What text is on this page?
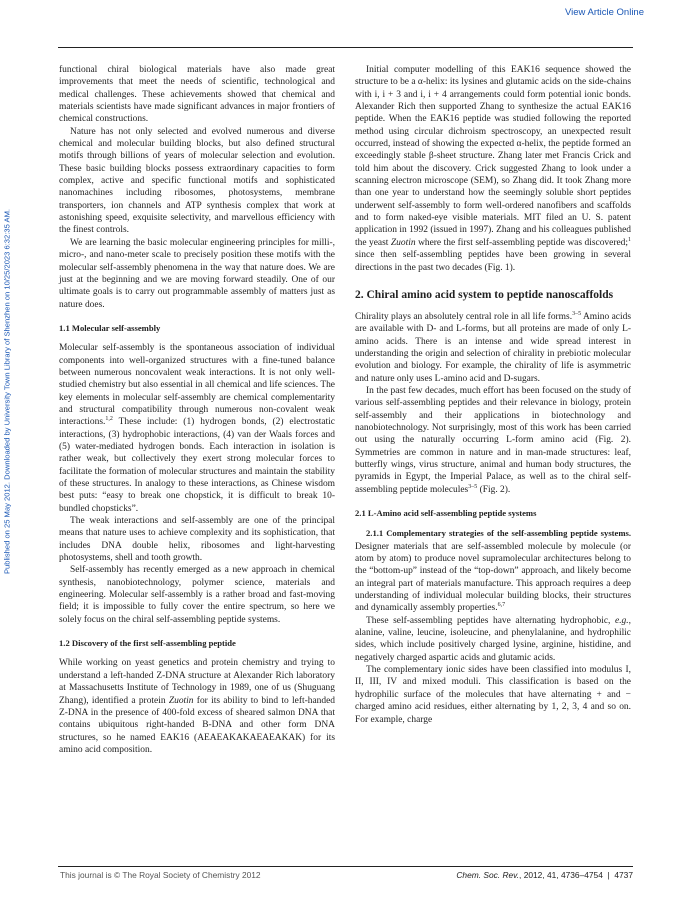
View Article Online
Published on 25 May 2012. Downloaded by University Town Library of Shenzhen on 10/25/2023 6:32:35 AM.

functional chiral biological materials have also made great improvements that meet the needs of scientific, technological and medical challenges. These achievements showed that chemical and materials scientists have made significant advances in major frontiers of chemical constructions.

Nature has not only selected and evolved numerous and diverse chemical and molecular building blocks, but also defined structural motifs through billions of years of molecular selection and evolution. These basic building blocks possess extraordinary capacities to form complex, active and specific functional motifs and sophisticated nanomachines including ribosomes, photosystems, membrane transporters, ion channels and ATP synthesis complex that work at astonishing speed, exquisite selectivity, and marvellous efficiency with the finest controls.

We are learning the basic molecular engineering principles for milli-, micro-, and nano-meter scale to precisely position these motifs with the molecular self-assembly phenomena in the way that nature does. We are just at the beginning and we are moving forward steadily. One of our ultimate goals is to carry out programmable assembly of matters just as nature does.

1.1 Molecular self-assembly

Molecular self-assembly is the spontaneous association of individual components into well-organized structures with a fine-tuned balance between numerous noncovalent weak interactions. It is not only well-studied chemistry but also essential in all chemical and life sciences. The key elements in molecular self-assembly are chemical complementarity and structural compatibility through numerous non-covalent weak interactions.$^{1,2}$ These include: (1) hydrogen bonds, (2) electrostatic interactions, (3) hydrophobic interactions, (4) van der Waals forces and (5) water-mediated hydrogen bonds. Each interaction in isolation is rather weak, but collectively they exert strong molecular forces to facilitate the formation of molecular structures and maintain the stability of these structures. In analogy to these interactions, as Chinese wisdom best puts: “easy to break one chopstick, it is difficult to break 10-bundled chopsticks”.

The weak interactions and self-assembly are one of the principal means that nature uses to achieve complexity and its sophistication, that includes DNA double helix, ribosomes and light-harvesting photosystems, shell and tooth growth.

Self-assembly has recently emerged as a new approach in chemical synthesis, nanobiotechnology, polymer science, materials and engineering. Molecular self-assembly is a rather broad and fast-moving field; it is impossible to fully cover the entire spectrum, so here we solely focus on the chiral self-assembling peptide systems.

1.2 Discovery of the first self-assembling peptide

While working on yeast genetics and protein chemistry and trying to understand a left-handed Z-DNA structure at Alexander Rich laboratory at Massachusetts Institute of Technology in 1989, one of us (Shuguang Zhang), identified a protein Zuotin for its ability to bind to left-handed Z-DNA in the presence of 400-fold excess of sheared salmon DNA that contains ubiquitous right-handed B-DNA and other form DNA structures, so he named EAK16 (AEAEAKAKAEAEAKAK) for its amino acid composition.

Initial computer modelling of this EAK16 sequence showed the structure to be a α-helix: its lysines and glutamic acids on the side-chains with i, i + 3 and i, i + 4 arrangements could form potential ionic bonds. Alexander Rich then supported Zhang to synthesize the actual EAK16 peptide. When the EAK16 peptide was studied following the reported method using circular dichroism spectroscopy, an unexpected result occurred, instead of showing the expected α-helix, the peptide formed an exceedingly stable β-sheet structure. Zhang later met Francis Crick and told him about the discovery. Crick suggested Zhang to look under a scanning electron microscope (SEM), so Zhang did. It took Zhang more than one year to understand how the seemingly soluble short peptides underwent self-assembly to form well-ordered nanofibers and scaffolds and to form naked-eye visible materials. MIT filed an U. S. patent application in 1992 (issued in 1997). Zhang and his colleagues published the yeast Zuotin where the first self-assembling peptide was discovered;$^1$ since then self-assembling peptides have been growing in several directions in the past two decades (Fig. 1).

2. Chiral amino acid system to peptide nanoscaffolds

Chirality plays an absolutely central role in all life forms.$^{3-5}$ Amino acids are available with D- and L-forms, but all proteins are made of only L-amino acids. There is an intense and wide spread interest in understanding the origin and selection of chirality in prebiotic molecular evolution and biology. For example, the chirality of life is asymmetric and nature only uses L-amino acid and D-sugars.

In the past few decades, much effort has been focused on the study of various self-assembling peptides and their relevance in biology, protein self-assembly and their applications in biotechnology and nanobiotechnology. Not surprisingly, most of this work has been carried out using the naturally occurring L-form amino acid (Fig. 2). Symmetries are common in nature and in man-made structures: leaf, butterfly wings, virus structure, animal and human body structures, the pyramids in Egypt, the Imperial Palace, as well as to the chiral self-assembling peptide molecules$^{3-5}$ (Fig. 2).

2.1 L-Amino acid self-assembling peptide systems

2.1.1 Complementary strategies of the self-assembling peptide systems. Designer materials that are self-assembled molecule by molecule (or atom by atom) to produce novel supramolecular architectures belong to the “bottom-up” instead of the “top-down” approach, and likely become an integral part of materials manufacture. This approach requires a deep understanding of individual molecular building blocks, their structures and dynamically assembly properties.$^{6,7}$

These self-assembling peptides have alternating hydrophobic, e.g., alanine, valine, leucine, isoleucine, and phenylalanine, and hydrophilic sides, which include positively charged lysine, arginine, histidine, and negatively charged aspartic acids and glutamic acids.

The complementary ionic sides have been classified into modulus I, II, III, IV and mixed moduli. This classification is based on the hydrophilic surface of the molecules that have alternating + and − charged amino acid residues, either alternating by 1, 2, 3, 4 and so on. For example, charge

This journal is © The Royal Society of Chemistry 2012	Chem. Soc. Rev., 2012, 41, 4736–4754  |  4737
